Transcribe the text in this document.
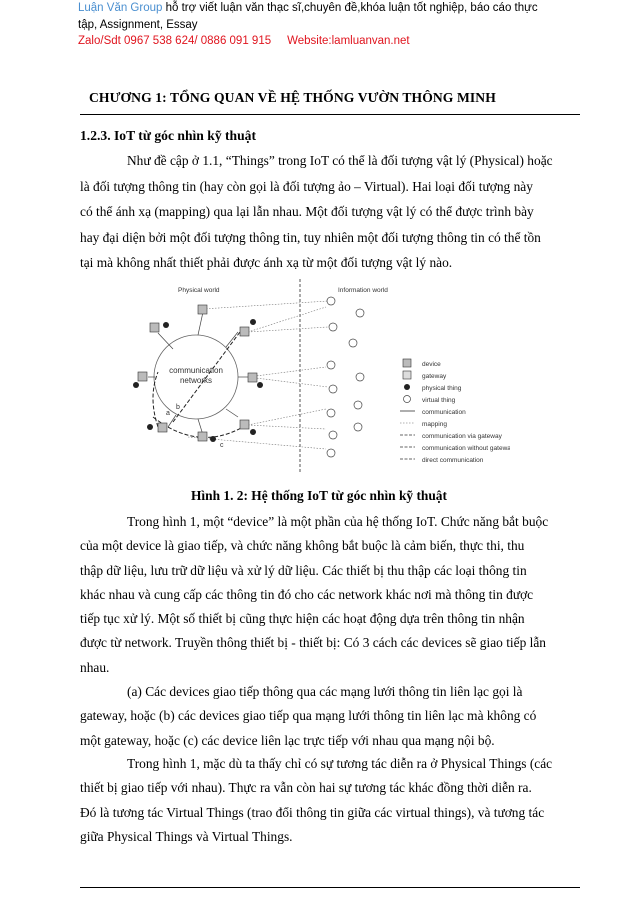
Luận Văn Group hỗ trợ viết luận văn thạc sĩ,chuyên đề,khóa luận tốt nghiệp, báo cáo thực
tập, Assignment, Essay
Zalo/Sdt 0967 538 624/ 0886 091 915 Website:lamluanvan.net
CHƯƠNG 1: TỔNG QUAN VỀ HỆ THỐNG VƯỜN THÔNG MINH
1.2.3. IoT từ góc nhìn kỹ thuật

Như đề cập ở 1.1, “Things” trong IoT có thể là đối tượng vật lý (Physical) hoặc

là đối tượng thông tin (hay còn gọi là đối tượng ảo – Virtual). Hai loại đối tượng này

có thể ánh xạ (mapping) qua lại lẫn nhau. Một đối tượng vật lý có thể được trình bày

hay đại diện bởi một đối tượng thông tin, tuy nhiên một đối tượng thông tin có thể tồn

tại mà không nhất thiết phải được ánh xạ từ một đối tượng vật lý nào.

Physical world	Information world
communication
networks
a
b
c
device
gateway
physical thing
virtual thing
communication
mapping
communication via gateway
communication without gateway
direct communication
Hình 1. 2: Hệ thống IoT từ góc nhìn kỹ thuật

Trong hình 1, một “device” là một phần của hệ thống IoT. Chức năng bắt buộc

của một device là giao tiếp, và chức năng không bắt buộc là cảm biến, thực thi, thu

thập dữ liệu, lưu trữ dữ liệu và xử lý dữ liệu. Các thiết bị thu thập các loại thông tin

khác nhau và cung cấp các thông tin đó cho các network khác nơi mà thông tin được

tiếp tục xử lý. Một số thiết bị cũng thực hiện các hoạt động dựa trên thông tin nhận

được từ network. Truyền thông thiết bị - thiết bị: Có 3 cách các devices sẽ giao tiếp lẫn

nhau.

(a) Các devices giao tiếp thông qua các mạng lưới thông tin liên lạc gọi là

gateway, hoặc (b) các devices giao tiếp qua mạng lưới thông tin liên lạc mà không có

một gateway, hoặc (c) các device liên lạc trực tiếp với nhau qua mạng nội bộ.

Trong hình 1, mặc dù ta thấy chỉ có sự tương tác diễn ra ở Physical Things (các

thiết bị giao tiếp với nhau). Thực ra vẫn còn hai sự tương tác khác đồng thời diễn ra.

Đó là tương tác Virtual Things (trao đổi thông tin giữa các virtual things), và tương tác

giữa Physical Things và Virtual Things.
